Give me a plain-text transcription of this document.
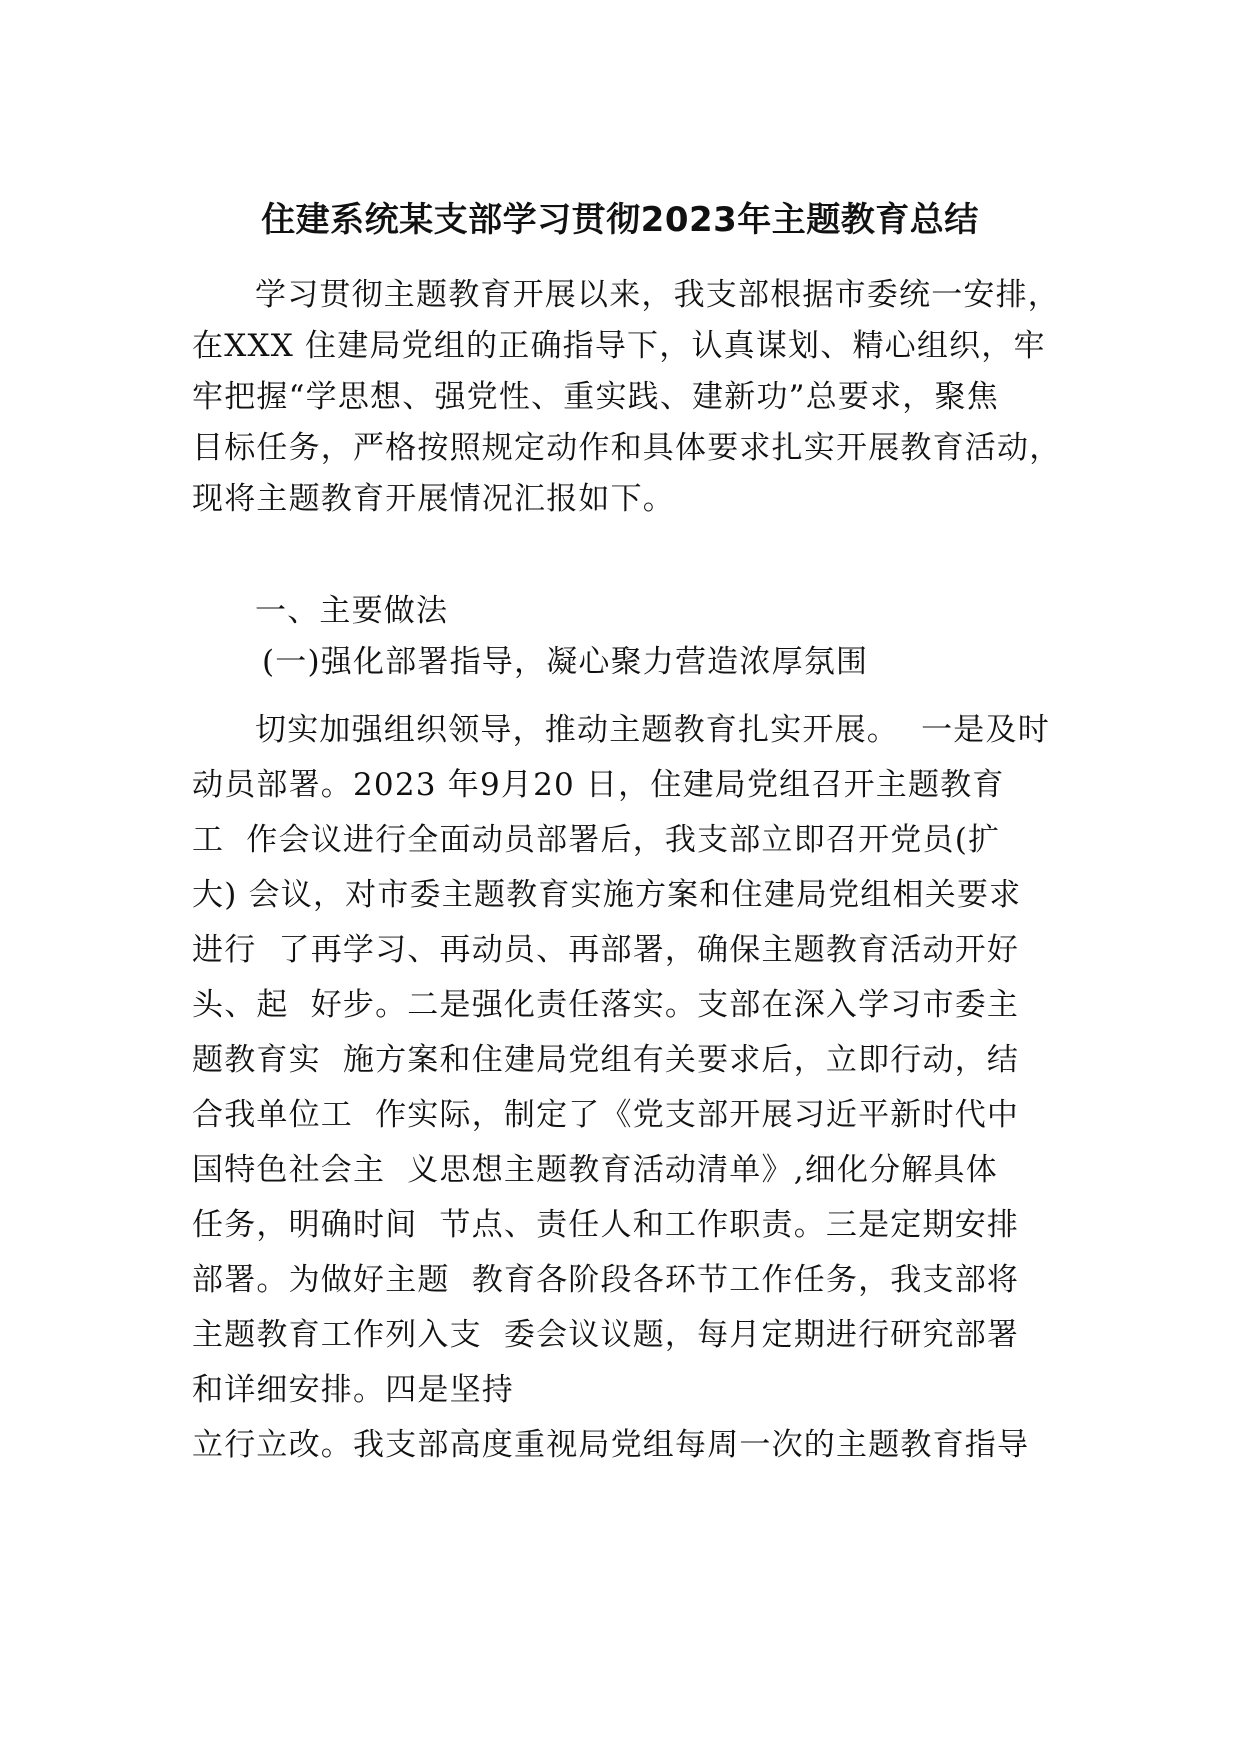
住建系统某支部学习贯彻2023年主题教育总结
学习贯彻主题教育开展以来，我支部根据市委统一安排，
在XXX 住建局党组的正确指导下，认真谋划、精心组织，牢
牢把握“学思想、强党性、重实践、建新功”总要求，聚焦
目标任务，严格按照规定动作和具体要求扎实开展教育活动，
现将主题教育开展情况汇报如下。
一、主要做法
(一)强化部署指导，凝心聚力营造浓厚氛围
切实加强组织领导，推动主题教育扎实开展。  一是及时
动员部署。2023 年9月20 日，住建局党组召开主题教育
工  作会议进行全面动员部署后，我支部立即召开党员(扩
大) 会议，对市委主题教育实施方案和住建局党组相关要求
进行  了再学习、再动员、再部署，确保主题教育活动开好
头、起  好步。二是强化责任落实。支部在深入学习市委主
题教育实  施方案和住建局党组有关要求后，立即行动，结
合我单位工  作实际，制定了《党支部开展习近平新时代中
国特色社会主  义思想主题教育活动清单》,细化分解具体
任务，明确时间  节点、责任人和工作职责。三是定期安排
部署。为做好主题  教育各阶段各环节工作任务，我支部将
主题教育工作列入支  委会议议题，每月定期进行研究部署
和详细安排。四是坚持
立行立改。我支部高度重视局党组每周一次的主题教育指导
